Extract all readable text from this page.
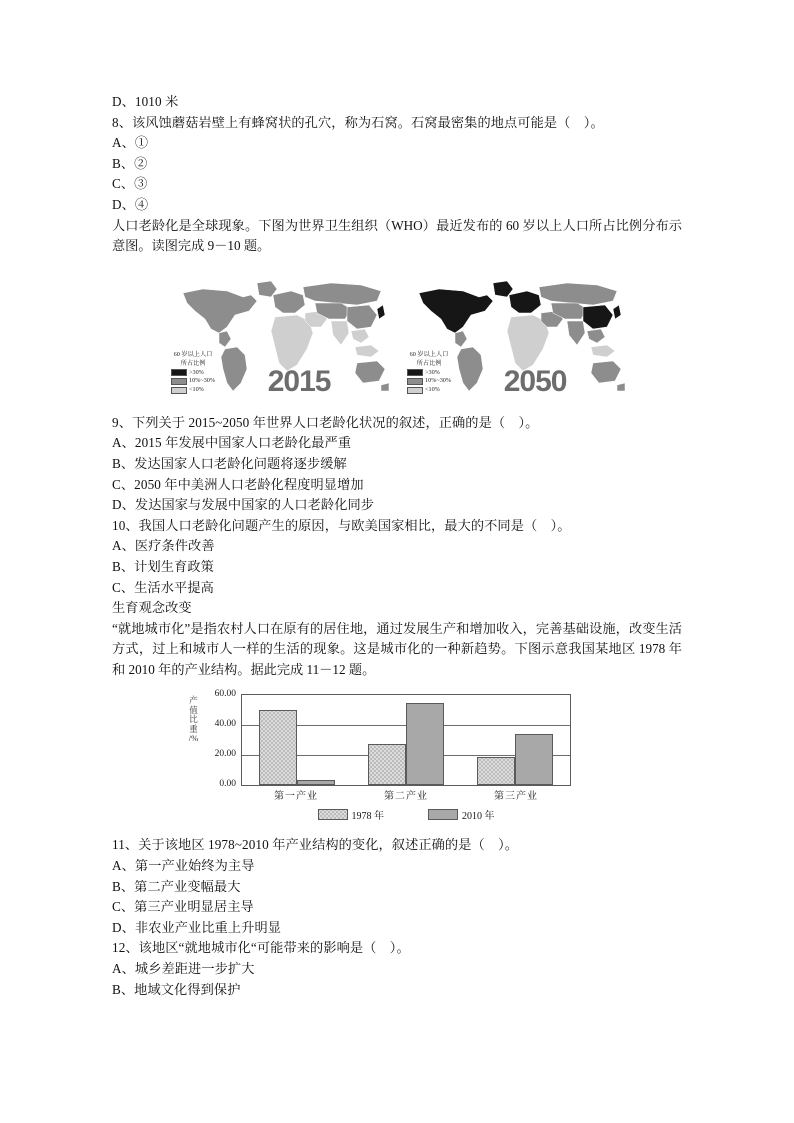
D、1010 米
8、该风蚀蘑菇岩壁上有蜂窝状的孔穴，称为石窝。石窝最密集的地点可能是（　）。
A、①
B、②
C、③
D、④
人口老龄化是全球现象。下图为世界卫生组织（WHO）最近发布的 60 岁以上人口所占比例分布示意图。读图完成 9－10 题。
60 岁以上人口
所占比例
>30%
10%~30%
<10% 2015
60 岁以上人口
所占比例
>30%
10%~30%
<10% 2050
9、下列关于 2015~2050 年世界人口老龄化状况的叙述，正确的是（　）。
A、2015 年发展中国家人口老龄化最严重
B、发达国家人口老龄化问题将逐步缓解
C、2050 年中美洲人口老龄化程度明显增加
D、发达国家与发展中国家的人口老龄化同步
10、我国人口老龄化问题产生的原因，与欧美国家相比，最大的不同是（　）。
A、医疗条件改善
B、计划生育政策
C、生活水平提高
生育观念改变
“就地城市化”是指农村人口在原有的居住地，通过发展生产和增加收入，完善基础设施，改变生活方式，过上和城市人一样的生活的现象。这是城市化的一种新趋势。下图示意我国某地区 1978 年和 2010 年的产业结构。据此完成 11－12 题。
产
值
比
重
/%
60.00
40.00
20.00
0.00
第一产业	第二产业	第三产业
1978 年	2010 年
11、关于该地区 1978~2010 年产业结构的变化，叙述正确的是（　）。
A、第一产业始终为主导
B、第二产业变幅最大
C、第三产业明显居主导
D、非农业产业比重上升明显
12、该地区“就地城市化“可能带来的影响是（　）。
A、城乡差距进一步扩大
B、地域文化得到保护
